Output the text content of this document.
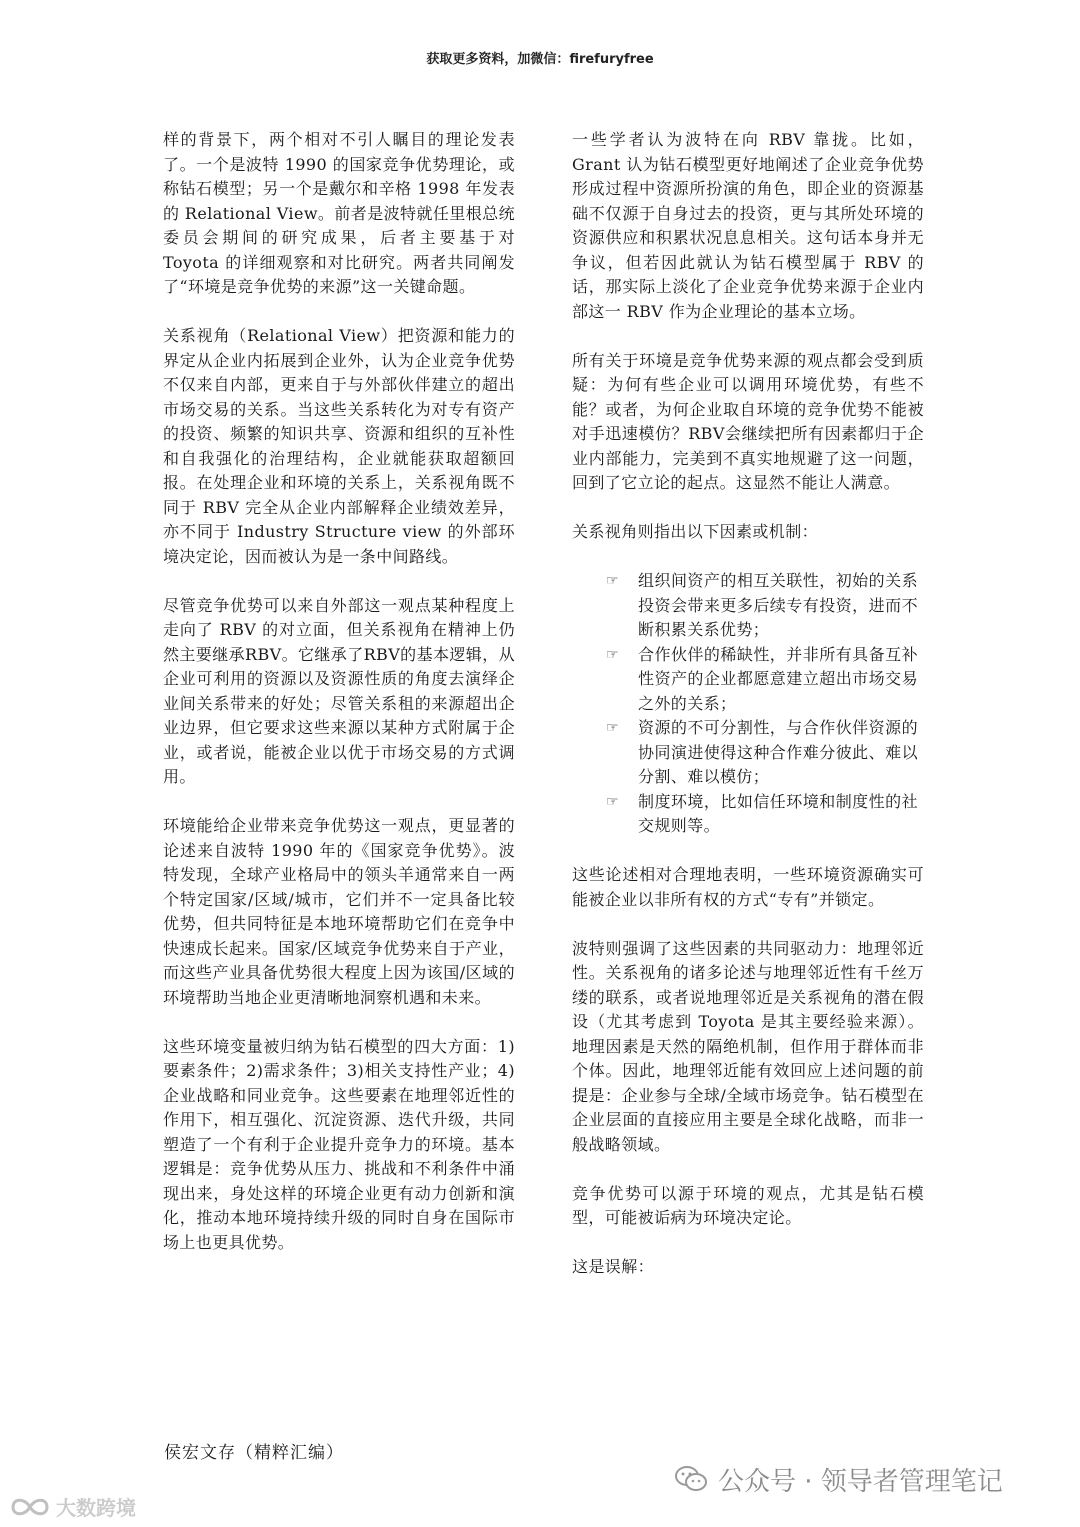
获取更多资料，加微信：firefuryfree

样的背景下，两个相对不引人瞩目的理论发表了。一个是波特 1990 的国家竞争优势理论，或称钻石模型；另一个是戴尔和辛格 1998 年发表的 Relational View。前者是波特就任里根总统委员会期间的研究成果，后者主要基于对 Toyota 的详细观察和对比研究。两者共同阐发了“环境是竞争优势的来源”这一关键命题。

关系视角（Relational View）把资源和能力的界定从企业内拓展到企业外，认为企业竞争优势不仅来自内部，更来自于与外部伙伴建立的超出市场交易的关系。当这些关系转化为对专有资产的投资、频繁的知识共享、资源和组织的互补性和自我强化的治理结构，企业就能获取超额回报。在处理企业和环境的关系上，关系视角既不同于 RBV 完全从企业内部解释企业绩效差异，亦不同于 Industry Structure view 的外部环境决定论，因而被认为是一条中间路线。

尽管竞争优势可以来自外部这一观点某种程度上走向了 RBV 的对立面，但关系视角在精神上仍然主要继承RBV。它继承了RBV的基本逻辑，从企业可利用的资源以及资源性质的角度去演绎企业间关系带来的好处；尽管关系租的来源超出企业边界，但它要求这些来源以某种方式附属于企业，或者说，能被企业以优于市场交易的方式调用。

环境能给企业带来竞争优势这一观点，更显著的论述来自波特 1990 年的《国家竞争优势》。波特发现，全球产业格局中的领头羊通常来自一两个特定国家/区域/城市，它们并不一定具备比较优势，但共同特征是本地环境帮助它们在竞争中快速成长起来。国家/区域竞争优势来自于产业，而这些产业具备优势很大程度上因为该国/区域的环境帮助当地企业更清晰地洞察机遇和未来。

这些环境变量被归纳为钻石模型的四大方面：1)要素条件；2)需求条件；3)相关支持性产业；4)企业战略和同业竞争。这些要素在地理邻近性的作用下，相互强化、沉淀资源、迭代升级，共同塑造了一个有利于企业提升竞争力的环境。基本逻辑是：竞争优势从压力、挑战和不利条件中涌现出来，身处这样的环境企业更有动力创新和演化，推动本地环境持续升级的同时自身在国际市场上也更具优势。

一些学者认为波特在向 RBV 靠拢。比如，Grant 认为钻石模型更好地阐述了企业竞争优势形成过程中资源所扮演的角色，即企业的资源基础不仅源于自身过去的投资，更与其所处环境的资源供应和积累状况息息相关。这句话本身并无争议，但若因此就认为钻石模型属于 RBV 的话，那实际上淡化了企业竞争优势来源于企业内部这一 RBV 作为企业理论的基本立场。

所有关于环境是竞争优势来源的观点都会受到质疑：为何有些企业可以调用环境优势，有些不能？或者，为何企业取自环境的竞争优势不能被对手迅速模仿？RBV会继续把所有因素都归于企业内部能力，完美到不真实地规避了这一问题，回到了它立论的起点。这显然不能让人满意。

关系视角则指出以下因素或机制：

☞ 组织间资产的相互关联性，初始的关系投资会带来更多后续专有投资，进而不断积累关系优势；
☞ 合作伙伴的稀缺性，并非所有具备互补性资产的企业都愿意建立超出市场交易之外的关系；
☞ 资源的不可分割性，与合作伙伴资源的协同演进使得这种合作难分彼此、难以分割、难以模仿；
☞ 制度环境，比如信任环境和制度性的社交规则等。

这些论述相对合理地表明，一些环境资源确实可能被企业以非所有权的方式“专有”并锁定。

波特则强调了这些因素的共同驱动力：地理邻近性。关系视角的诸多论述与地理邻近性有千丝万缕的联系，或者说地理邻近是关系视角的潜在假设（尤其考虑到 Toyota 是其主要经验来源）。地理因素是天然的隔绝机制，但作用于群体而非个体。因此，地理邻近能有效回应上述问题的前提是：企业参与全球/全域市场竞争。钻石模型在企业层面的直接应用主要是全球化战略，而非一般战略领域。

竞争优势可以源于环境的观点，尤其是钻石模型，可能被诟病为环境决定论。

这是误解：

侯宏文存（精粹汇编）
公众号 · 领导者管理笔记
大数跨境
